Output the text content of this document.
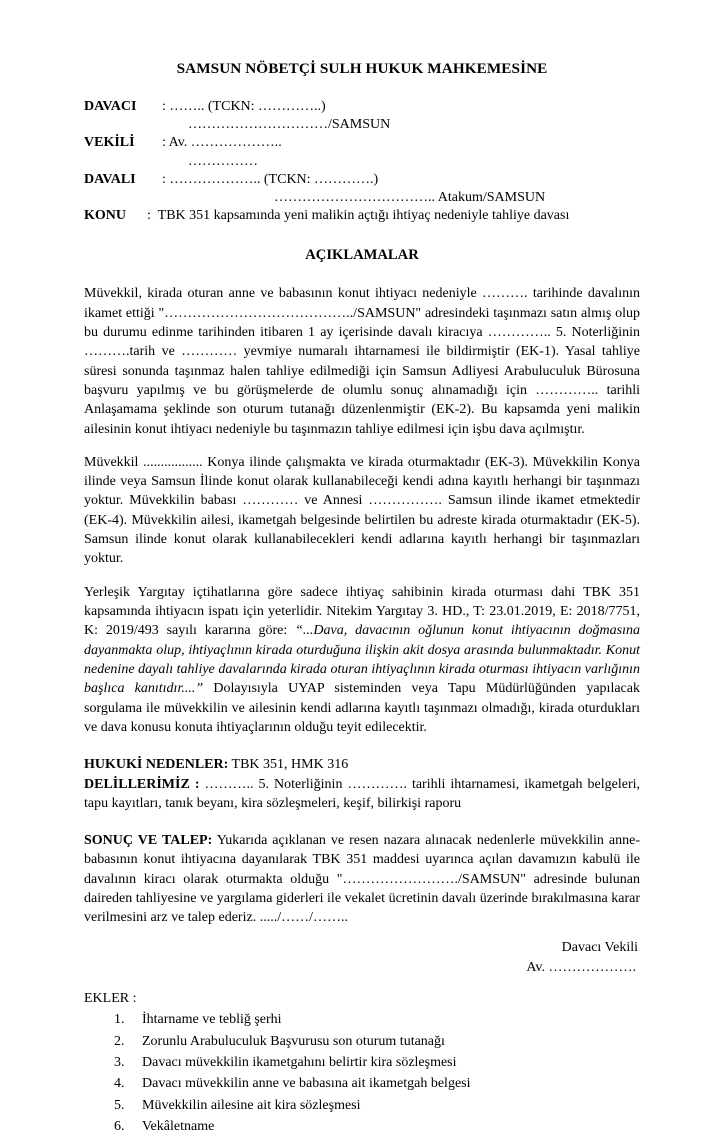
SAMSUN NÖBETÇİ SULH HUKUK MAHKEMESİNE
DAVACI	: …….. (TCKN: …………..)
…………………………/SAMSUN
VEKİLİ	: Av. ………………..
……………
DAVALI	: ……………….. (TCKN: ………….)
…………………………….. Atakum/SAMSUN
KONU	:  TBK 351 kapsamında yeni malikin açtığı ihtiyaç nedeniyle tahliye davası
AÇIKLAMALAR

Müvekkil, kirada oturan anne ve babasının konut ihtiyacı nedeniyle ………. tarihinde davalının ikamet ettiği "…………………………………../SAMSUN" adresindeki taşınmazı satın almış olup bu durumu edinme tarihinden itibaren 1 ay içerisinde davalı kiracıya ………….. 5. Noterliğinin ……….tarih ve ………… yevmiye numaralı ihtarnamesi ile bildirmiştir (EK-1). Yasal tahliye süresi sonunda taşınmaz halen tahliye edilmediği için Samsun Adliyesi Arabuluculuk Bürosuna başvuru yapılmış ve bu görüşmelerde de olumlu sonuç alınamadığı için ………….. tarihli Anlaşamama şeklinde son oturum tutanağı düzenlenmiştir (EK-2). Bu kapsamda yeni malikin ailesinin konut ihtiyacı nedeniyle bu taşınmazın tahliye edilmesi için işbu dava açılmıştır.

Müvekkil ................. Konya ilinde çalışmakta ve kirada oturmaktadır (EK-3). Müvekkilin Konya ilinde veya Samsun İlinde konut olarak kullanabileceği kendi adına kayıtlı herhangi bir taşınmazı yoktur. Müvekkilin babası ………… ve Annesi ……………. Samsun ilinde ikamet etmektedir (EK-4). Müvekkilin ailesi, ikametgah belgesinde belirtilen bu adreste kirada oturmaktadır (EK-5). Samsun ilinde konut olarak kullanabilecekleri kendi adlarına kayıtlı herhangi bir taşınmazları yoktur.

Yerleşik Yargıtay içtihatlarına göre sadece ihtiyaç sahibinin kirada oturması dahi TBK 351 kapsamında ihtiyacın ispatı için yeterlidir. Nitekim Yargıtay 3. HD., T: 23.01.2019, E: 2018/7751, K: 2019/493 sayılı kararına göre: “...Dava, davacının oğlunun konut ihtiyacının doğmasına dayanmakta olup, ihtiyaçlının kirada oturduğuna ilişkin akit dosya arasında bulunmaktadır. Konut nedenine dayalı tahliye davalarında kirada oturan ihtiyaçlının kirada oturması ihtiyacın varlığının başlıca kanıtıdır....” Dolayısıyla UYAP sisteminden veya Tapu Müdürlüğünden yapılacak sorgulama ile müvekkilin ve ailesinin kendi adlarına kayıtlı taşınmazı olmadığı, kirada oturdukları ve dava konusu konuta ihtiyaçlarının olduğu teyit edilecektir.

HUKUKİ NEDENLER: TBK 351, HMK 316
DELİLLERİMİZ : ……….. 5. Noterliğinin …………. tarihli ihtarnamesi, ikametgah belgeleri, tapu kayıtları, tanık beyanı, kira sözleşmeleri, keşif, bilirkişi raporu
SONUÇ VE TALEP: Yukarıda açıklanan ve resen nazara alınacak nedenlerle müvekkilin anne-babasının konut ihtiyacına dayanılarak TBK 351 maddesi uyarınca açılan davamızın kabulü ile davalının kiracı olarak oturmakta olduğu "……………………./SAMSUN" adresinde bulunan daireden tahliyesine ve yargılama giderleri ile vekalet ücretinin davalı üzerinde bırakılmasına karar verilmesini arz ve talep ederiz. ...../……/……..
Davacı Vekili
Av. ……………….
EKLER :
1. İhtarname ve tebliğ şerhi
2. Zorunlu Arabuluculuk Başvurusu son oturum tutanağı
3. Davacı müvekkilin ikametgahını belirtir kira sözleşmesi
4. Davacı müvekkilin anne ve babasına ait ikametgah belgesi
5. Müvekkilin ailesine ait kira sözleşmesi
6. Vekâletname
